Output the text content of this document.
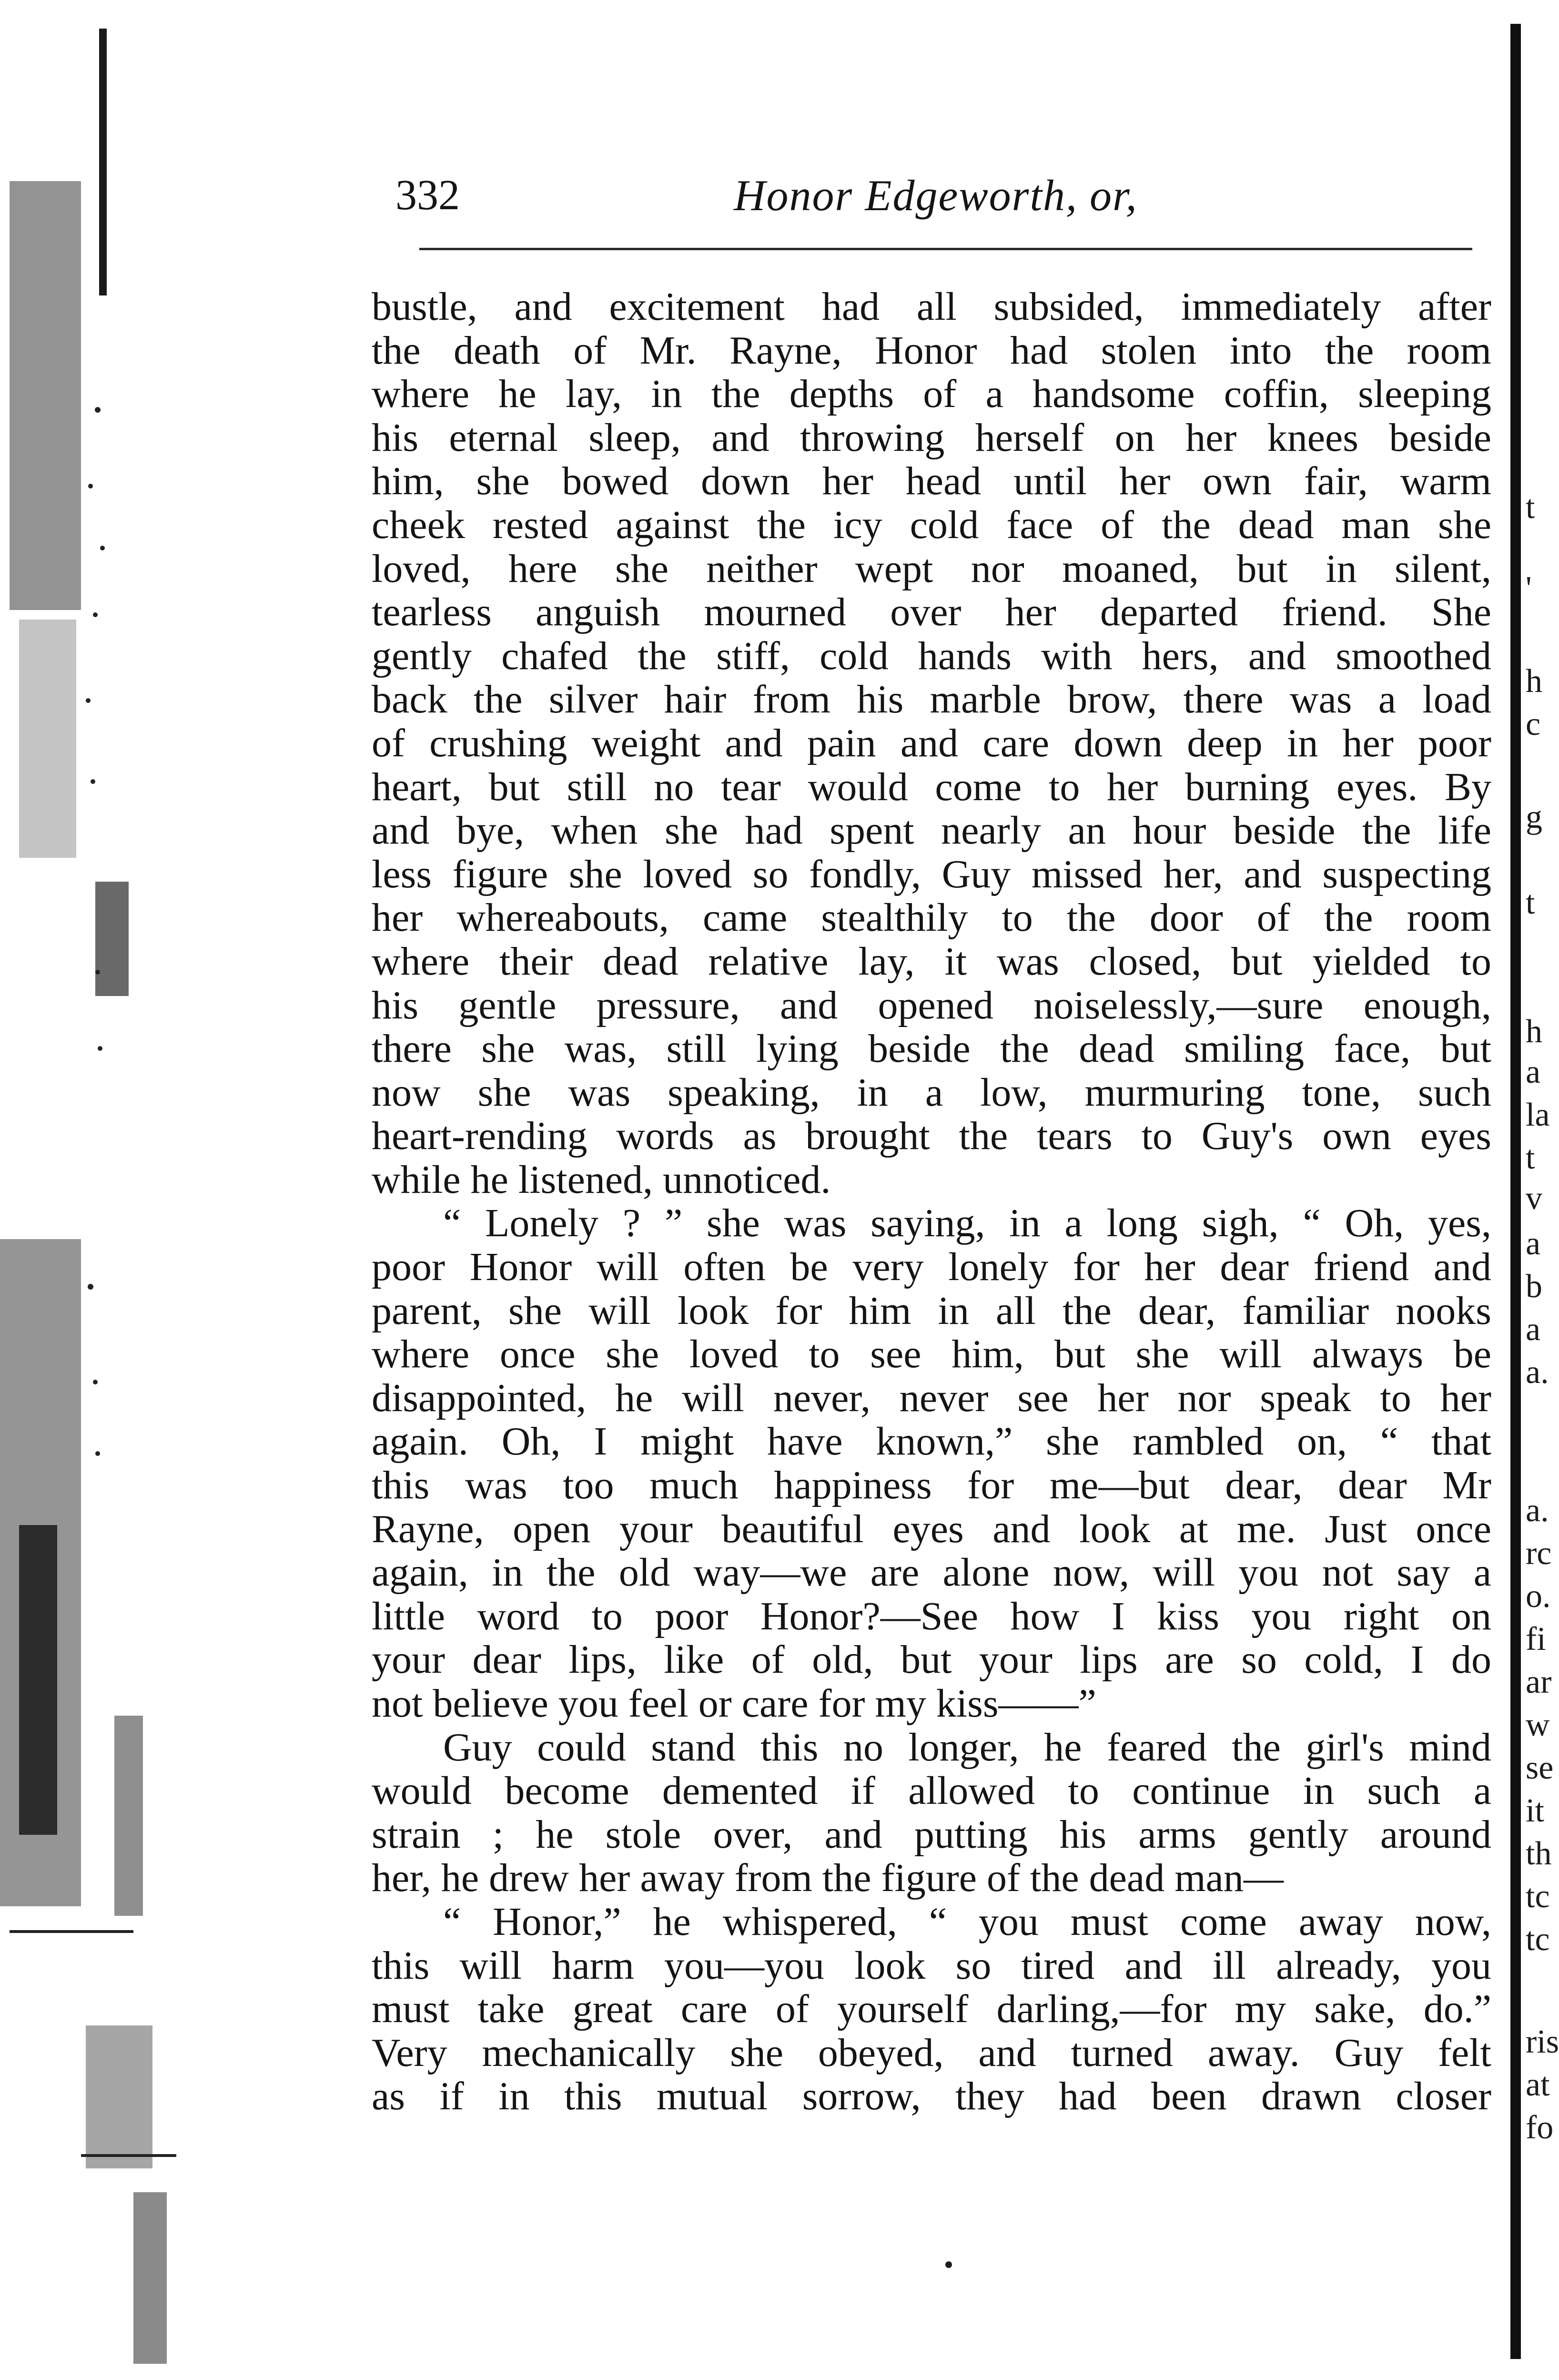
332	Honor Edgeworth, or,
bustle, and excitement had all subsided, immediately after
the death of Mr. Rayne, Honor had stolen into the room
where he lay, in the depths of a handsome coffin, sleeping
his eternal sleep, and throwing herself on her knees beside
him, she bowed down her head until her own fair, warm
cheek rested against the icy cold face of the dead man she
loved, here she neither wept nor moaned, but in silent,
tearless anguish mourned over her departed friend. She
gently chafed the stiff, cold hands with hers, and smoothed
back the silver hair from his marble brow, there was a load
of crushing weight and pain and care down deep in her poor
heart, but still no tear would come to her burning eyes. By
and bye, when she had spent nearly an hour beside the life
less figure she loved so fondly, Guy missed her, and suspecting
her whereabouts, came stealthily to the door of the room
where their dead relative lay, it was closed, but yielded to
his gentle pressure, and opened noiselessly,—sure enough,
there she was, still lying beside the dead smiling face, but
now she was speaking, in a low, murmuring tone, such
heart-rending words as brought the tears to Guy's own eyes
while he listened, unnoticed.
“ Lonely ? ” she was saying, in a long sigh, “ Oh, yes,
poor Honor will often be very lonely for her dear friend and
parent, she will look for him in all the dear, familiar nooks
where once she loved to see him, but she will always be
disappointed, he will never, never see her nor speak to her
again. Oh, I might have known,” she rambled on, “ that
this was too much happiness for me—but dear, dear Mr
Rayne, open your beautiful eyes and look at me. Just once
again, in the old way—we are alone now, will you not say a
little word to poor Honor?—See how I kiss you right on
your dear lips, like of old, but your lips are so cold, I do
not believe you feel or care for my kiss——”
Guy could stand this no longer, he feared the girl's mind
would become demented if allowed to continue in such a
strain ; he stole over, and putting his arms gently around
her, he drew her away from the figure of the dead man—
“ Honor,” he whispered, “ you must come away now,
this will harm you—you look so tired and ill already, you
must take great care of yourself darling,—for my sake, do.”
Very mechanically she obeyed, and turned away. Guy felt
as if in this mutual sorrow, they had been drawn closer
t
'
h
c
g
t
h
a
la
t
v
a
b
a
a.
a.
rc
o.
fi
ar
w
se
it
th
tc
tc
ris
at
fo
